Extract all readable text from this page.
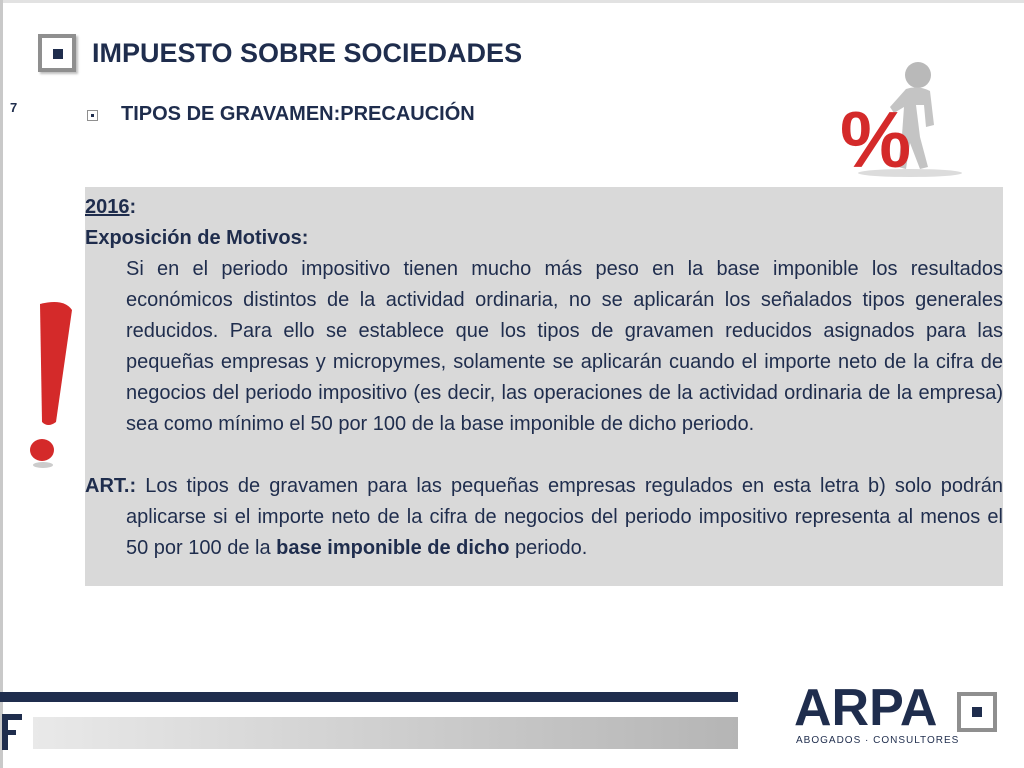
IMPUESTO SOBRE SOCIEDADES
7	TIPOS DE GRAVAMEN:PRECAUCIÓN	%

2016:

Exposición de Motivos:

Si en el periodo impositivo tienen mucho más peso en la base imponible los resultados económicos distintos de la actividad ordinaria, no se aplicarán los señalados tipos generales reducidos. Para ello se establece que los tipos de gravamen reducidos asignados para las pequeñas empresas y micropymes, solamente se aplicarán cuando el importe neto de la cifra de negocios del periodo impositivo (es decir, las operaciones de la actividad ordinaria de la empresa) sea como mínimo el 50 por 100 de la base imponible de dicho periodo.

ART.: Los tipos de gravamen para las pequeñas empresas regulados en esta letra b) solo podrán aplicarse si el importe neto de la cifra de negocios del periodo impositivo representa al menos el 50 por 100 de la base imponible de dicho periodo.

ARPA
ABOGADOS · CONSULTORES
